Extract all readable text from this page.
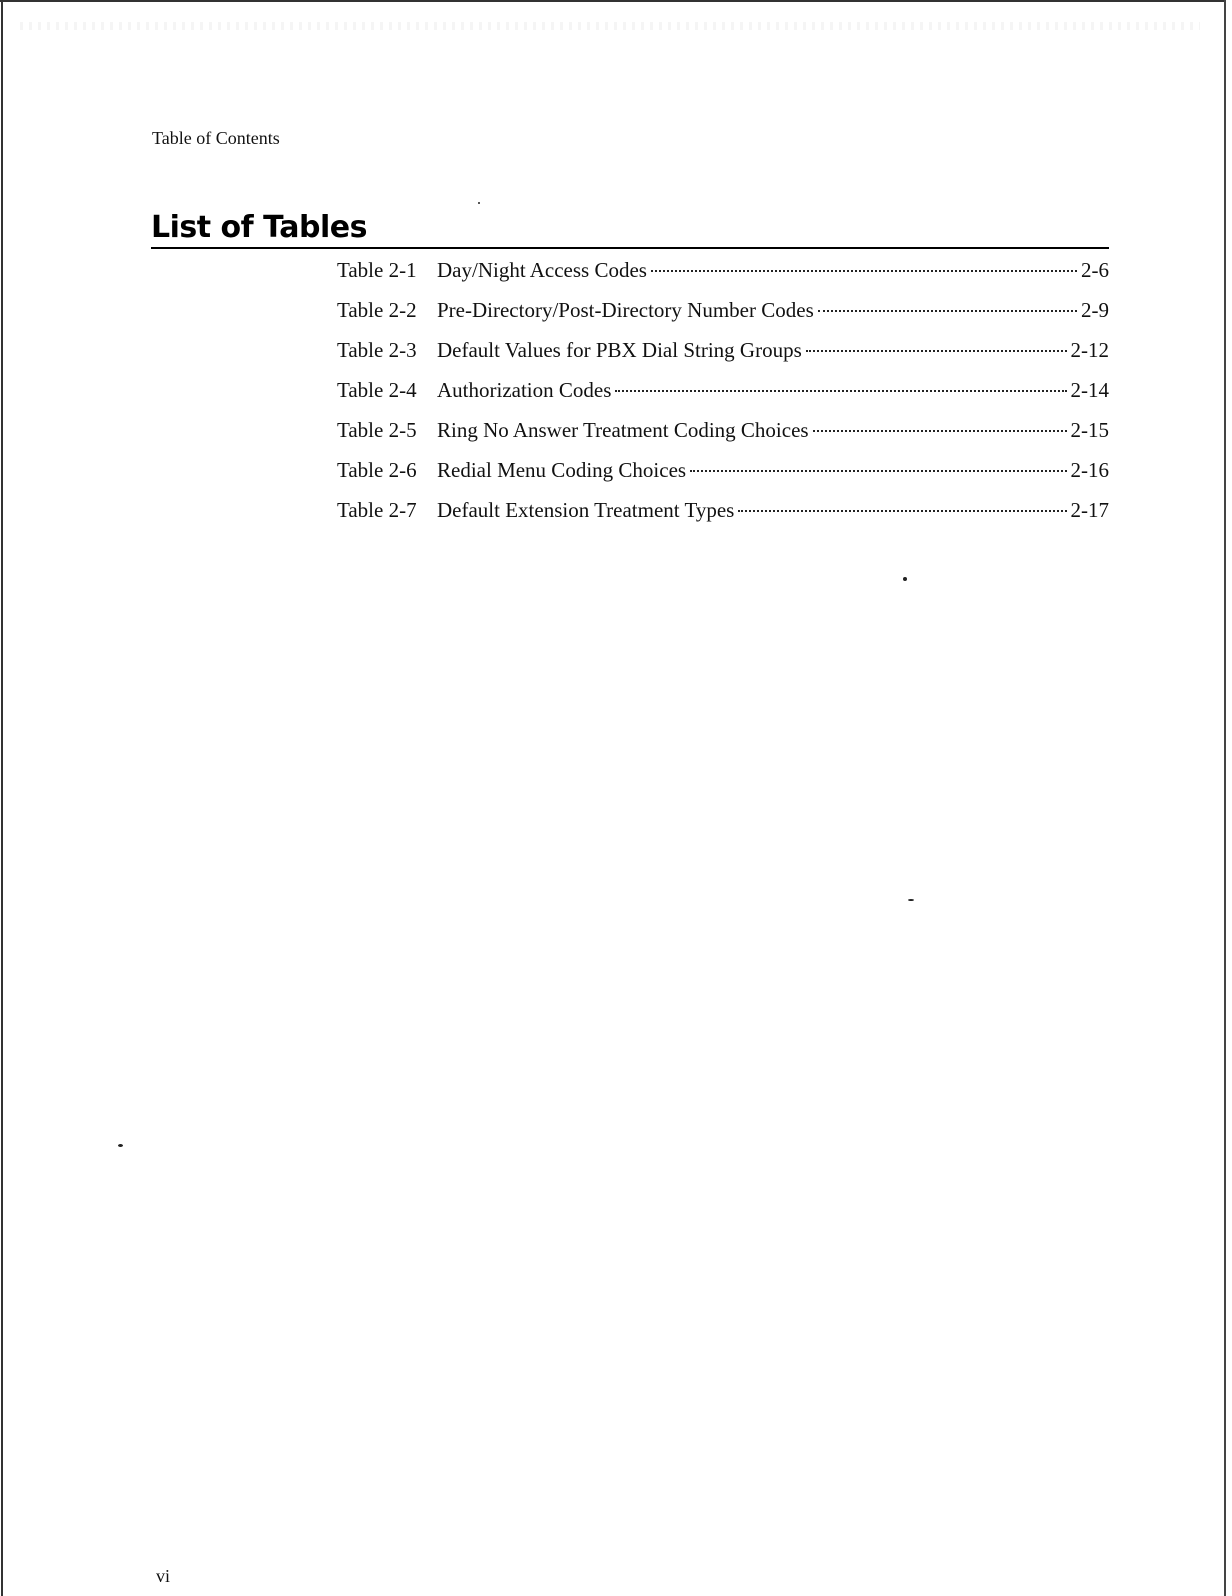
Table of Contents
List of Tables
Table 2-1 Day/Night Access Codes	2-6
Table 2-2 Pre-Directory/Post-Directory Number Codes	2-9
Table 2-3 Default Values for PBX Dial String Groups	2-12
Table 2-4 Authorization Codes	2-14
Table 2-5 Ring No Answer Treatment Coding Choices	2-15
Table 2-6 Redial Menu Coding Choices	2-16
Table 2-7 Default Extension Treatment Types	2-17
vi
